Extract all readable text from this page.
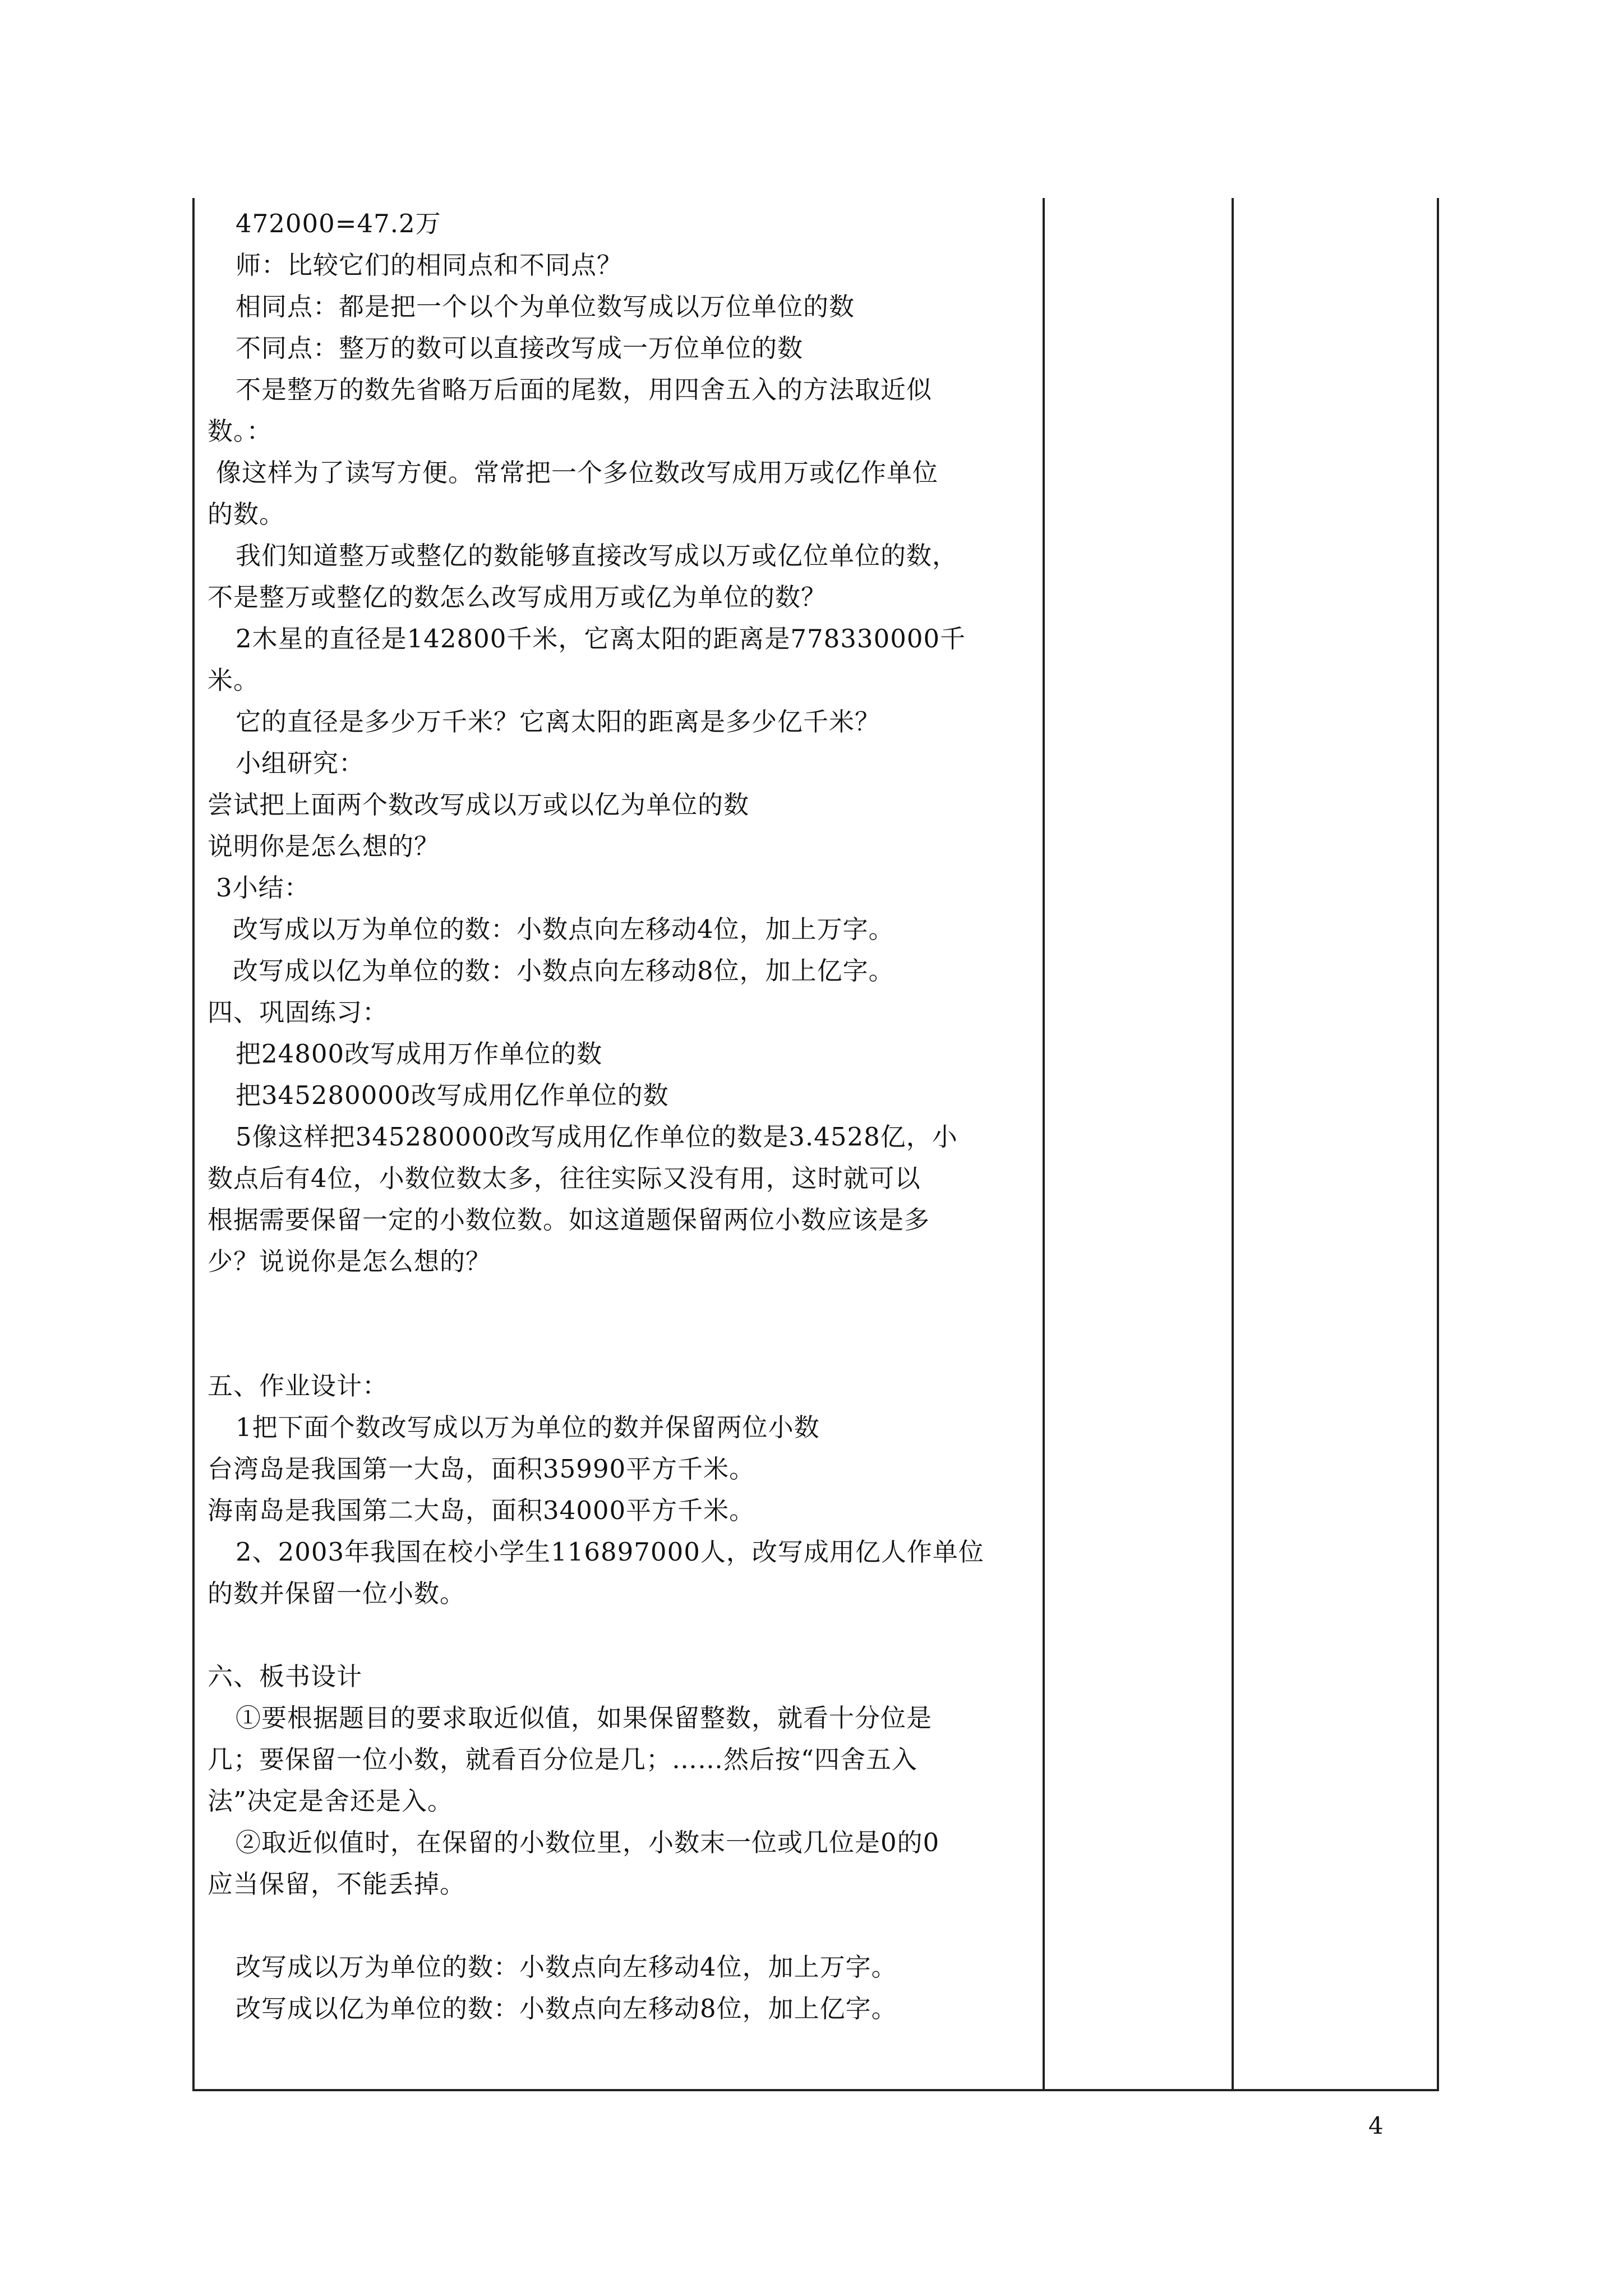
472000=47.2万
师：比较它们的相同点和不同点？
相同点：都是把一个以个为单位数写成以万位单位的数
不同点：整万的数可以直接改写成一万位单位的数
不是整万的数先省略万后面的尾数，用四舍五入的方法取近似
数。：
像这样为了读写方便。常常把一个多位数改写成用万或亿作单位
的数。
我们知道整万或整亿的数能够直接改写成以万或亿位单位的数，
不是整万或整亿的数怎么改写成用万或亿为单位的数？
2木星的直径是142800千米，它离太阳的距离是778330000千
米。
它的直径是多少万千米？它离太阳的距离是多少亿千米？
小组研究：
尝试把上面两个数改写成以万或以亿为单位的数
说明你是怎么想的？
3小结：
改写成以万为单位的数：小数点向左移动4位，加上万字。
改写成以亿为单位的数：小数点向左移动8位，加上亿字。
四、巩固练习：
把24800改写成用万作单位的数
把345280000改写成用亿作单位的数
5像这样把345280000改写成用亿作单位的数是3.4528亿，小
数点后有4位，小数位数太多，往往实际又没有用，这时就可以
根据需要保留一定的小数位数。如这道题保留两位小数应该是多
少？说说你是怎么想的？
五、作业设计：
1把下面个数改写成以万为单位的数并保留两位小数
台湾岛是我国第一大岛，面积35990平方千米。
海南岛是我国第二大岛，面积34000平方千米。
2、2003年我国在校小学生116897000人，改写成用亿人作单位
的数并保留一位小数。
六、板书设计
①要根据题目的要求取近似值，如果保留整数，就看十分位是
几；要保留一位小数，就看百分位是几；……然后按“四舍五入
法”决定是舍还是入。
②取近似值时，在保留的小数位里，小数末一位或几位是0的0
应当保留，不能丢掉。
改写成以万为单位的数：小数点向左移动4位，加上万字。
改写成以亿为单位的数：小数点向左移动8位，加上亿字。
4
